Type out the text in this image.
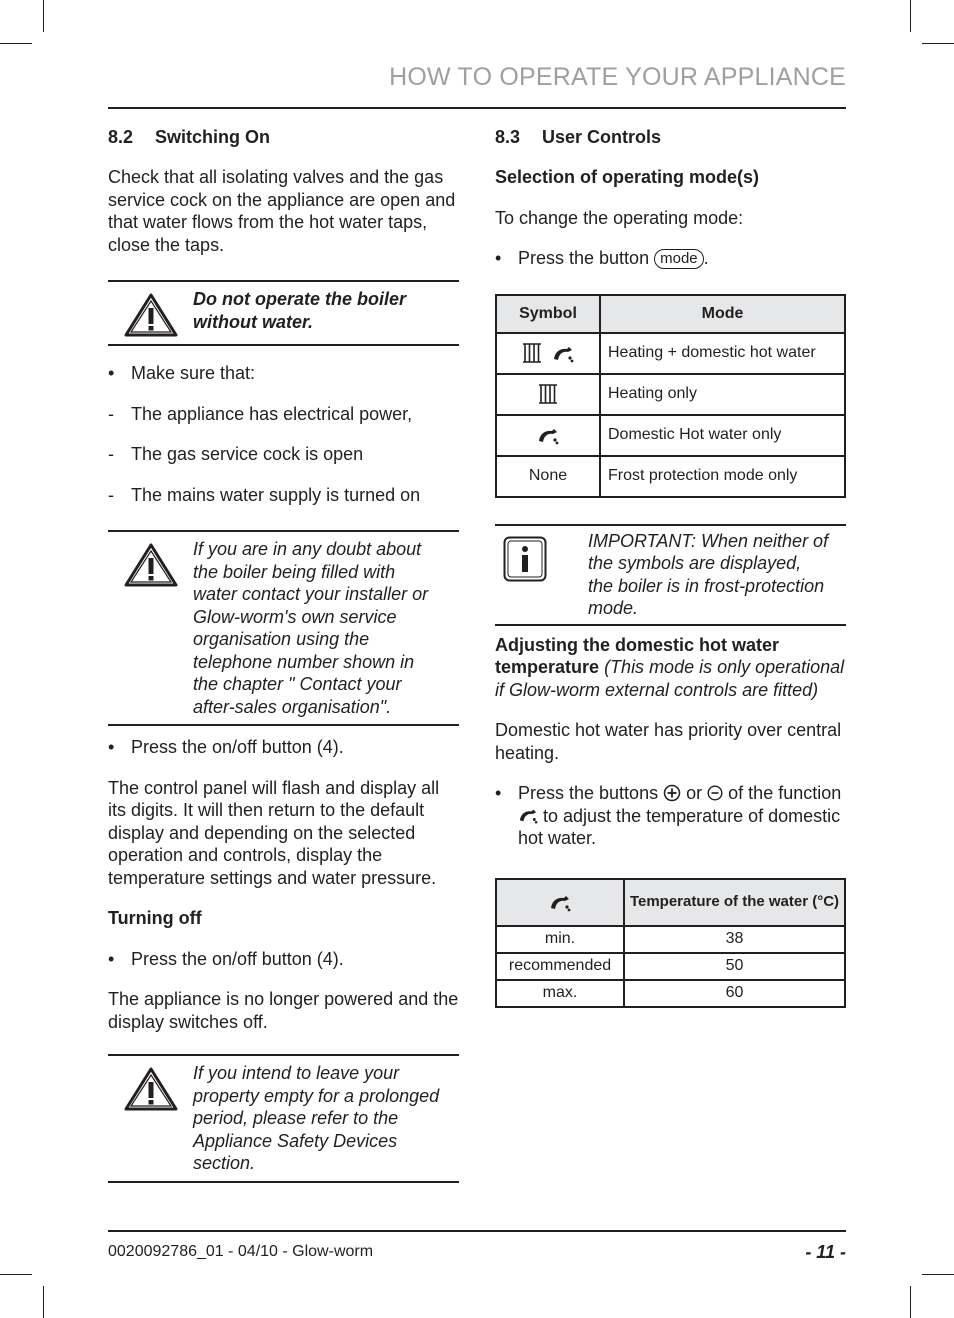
HOW TO OPERATE YOUR APPLIANCE
8.2	Switching On
Check that all isolating valves and the gas service cock on the appliance are open and that water flows from the hot water taps, close the taps.
Do not operate the boiler without water.
• Make sure that:
- The appliance has electrical power,
- The gas service cock is open
- The mains water supply is turned on
If you are in any doubt about the boiler being filled with water contact your installer or Glow-worm's own service organisation using the telephone number shown in the chapter " Contact your after-sales organisation".
• Press the on/off button (4).
The control panel will flash and display all its digits. It will then return to the default display and depending on the selected operation and controls, display the temperature settings and water pressure.
Turning off
• Press the on/off button (4).
The appliance is no longer powered and the display switches off.
If you intend to leave your property empty for a prolonged period, please refer to the Appliance Safety Devices section.
8.3	User Controls
Selection of operating mode(s)
To change the operating mode:
• Press the button mode .
Symbol	Mode
	Heating + domestic hot water
	Heating only
	Domestic Hot water only
None	Frost protection mode only
IMPORTANT: When neither of the symbols are displayed, the boiler is in frost-protection mode.
Adjusting the domestic hot water temperature (This mode is only operational if Glow-worm external controls are fitted)
Domestic hot water has priority over central heating.
• Press the buttons or of the function  to adjust the temperature of domestic hot water.
	Temperature of the water (°C)
min.	38
recommended	50
max.	60
0020092786_01 - 04/10 - Glow-worm	- 11 -
